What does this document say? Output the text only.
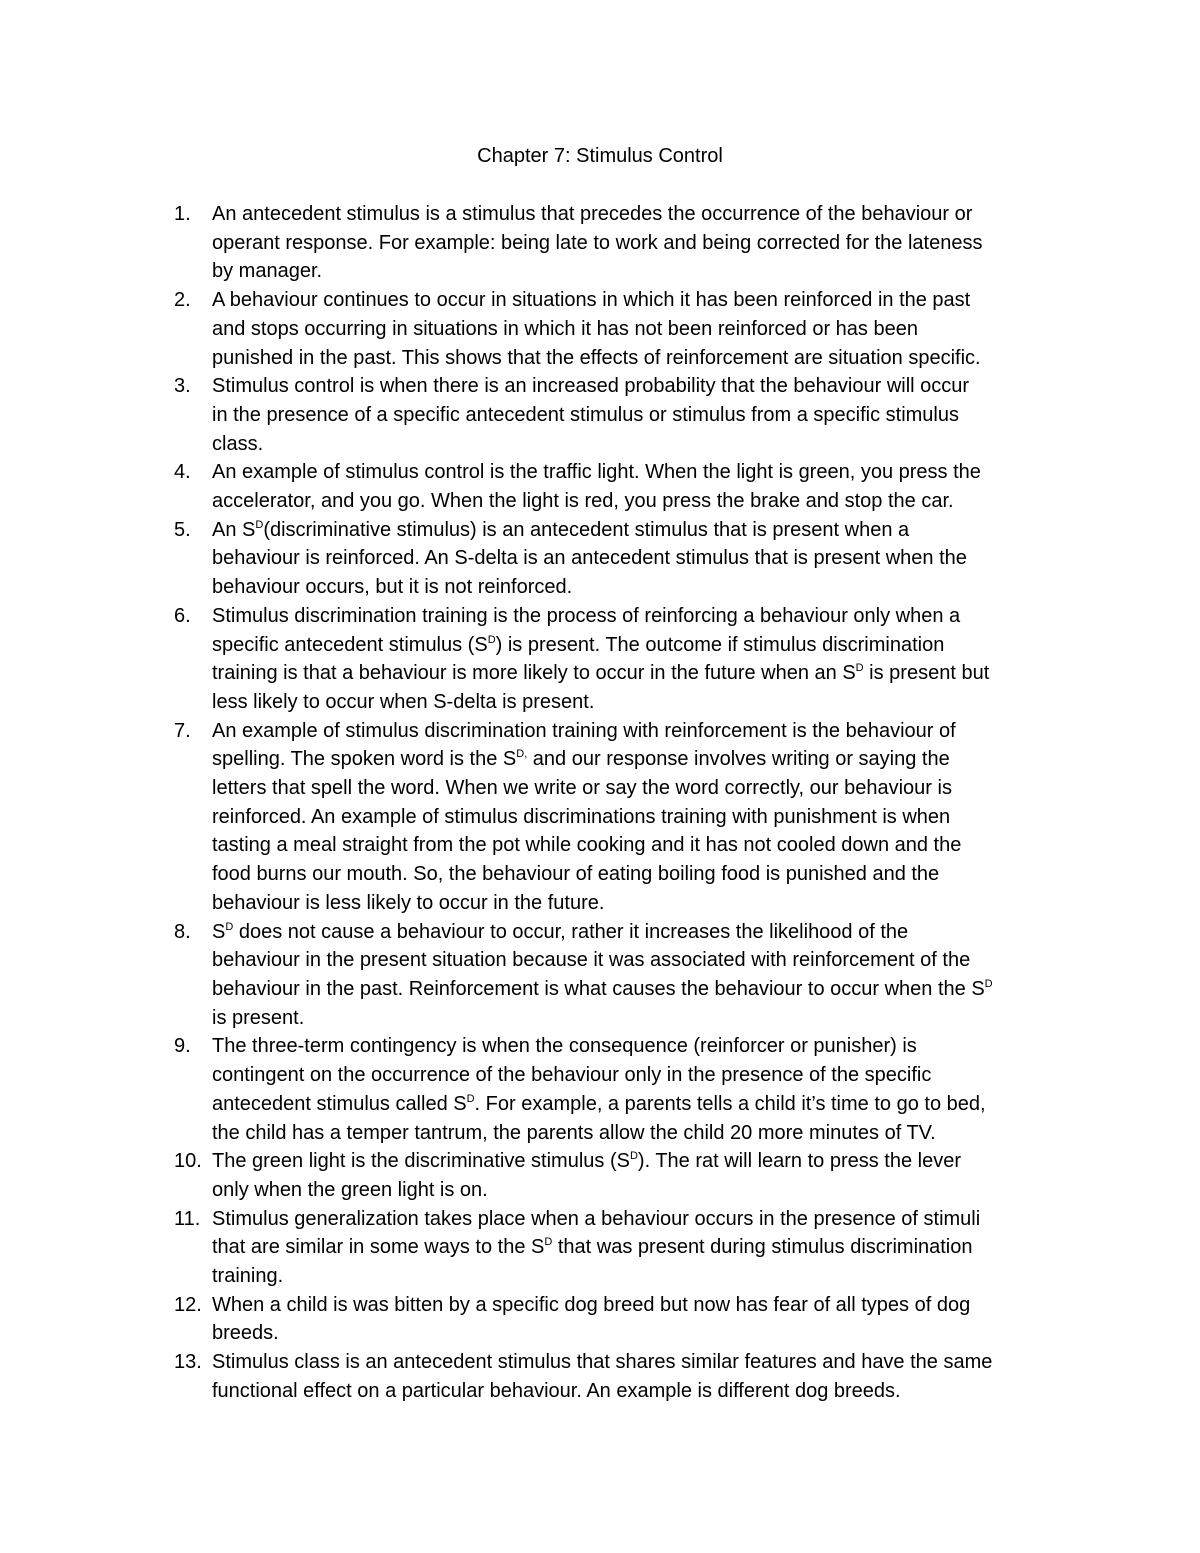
Chapter 7: Stimulus Control
1. An antecedent stimulus is a stimulus that precedes the occurrence of the behaviour or
operant response. For example: being late to work and being corrected for the lateness
by manager.
2. A behaviour continues to occur in situations in which it has been reinforced in the past
and stops occurring in situations in which it has not been reinforced or has been
punished in the past. This shows that the effects of reinforcement are situation specific.
3. Stimulus control is when there is an increased probability that the behaviour will occur
in the presence of a specific antecedent stimulus or stimulus from a specific stimulus
class.
4. An example of stimulus control is the traffic light. When the light is green, you press the
accelerator, and you go. When the light is red, you press the brake and stop the car.
5. An $S^D(discriminative$ stimulus) is an antecedent stimulus that is present when a
behaviour is reinforced. An S-delta is an antecedent stimulus that is present when the
behaviour occurs, but it is not reinforced.
6. Stimulus discrimination training is the process of reinforcing a behaviour only when a
specific antecedent stimulus $(S^D)$ is present. The outcome if stimulus discrimination
training is that a behaviour is more likely to occur in the future when an $S^D$ is present but
less likely to occur when S-delta is present.
7. An example of stimulus discrimination training with reinforcement is the behaviour of
spelling. The spoken word is the $S^{D,}$ and our response involves writing or saying the
letters that spell the word. When we write or say the word correctly, our behaviour is
reinforced. An example of stimulus discriminations training with punishment is when
tasting a meal straight from the pot while cooking and it has not cooled down and the
food burns our mouth. So, the behaviour of eating boiling food is punished and the
behaviour is less likely to occur in the future.
8. $S^D$ does not cause a behaviour to occur, rather it increases the likelihood of the
behaviour in the present situation because it was associated with reinforcement of the
behaviour in the past. Reinforcement is what causes the behaviour to occur when the $S^D$
is present.
9. The three-term contingency is when the consequence (reinforcer or punisher) is
contingent on the occurrence of the behaviour only in the presence of the specific
antecedent stimulus called $S^D$. For example, a parents tells a child it’s time to go to bed,
the child has a temper tantrum, the parents allow the child 20 more minutes of TV.
10. The green light is the discriminative stimulus $(S^D)$. The rat will learn to press the lever
only when the green light is on.
11. Stimulus generalization takes place when a behaviour occurs in the presence of stimuli
that are similar in some ways to the $S^D$ that was present during stimulus discrimination
training.
12. When a child is was bitten by a specific dog breed but now has fear of all types of dog
breeds.
13. Stimulus class is an antecedent stimulus that shares similar features and have the same
functional effect on a particular behaviour. An example is different dog breeds.
